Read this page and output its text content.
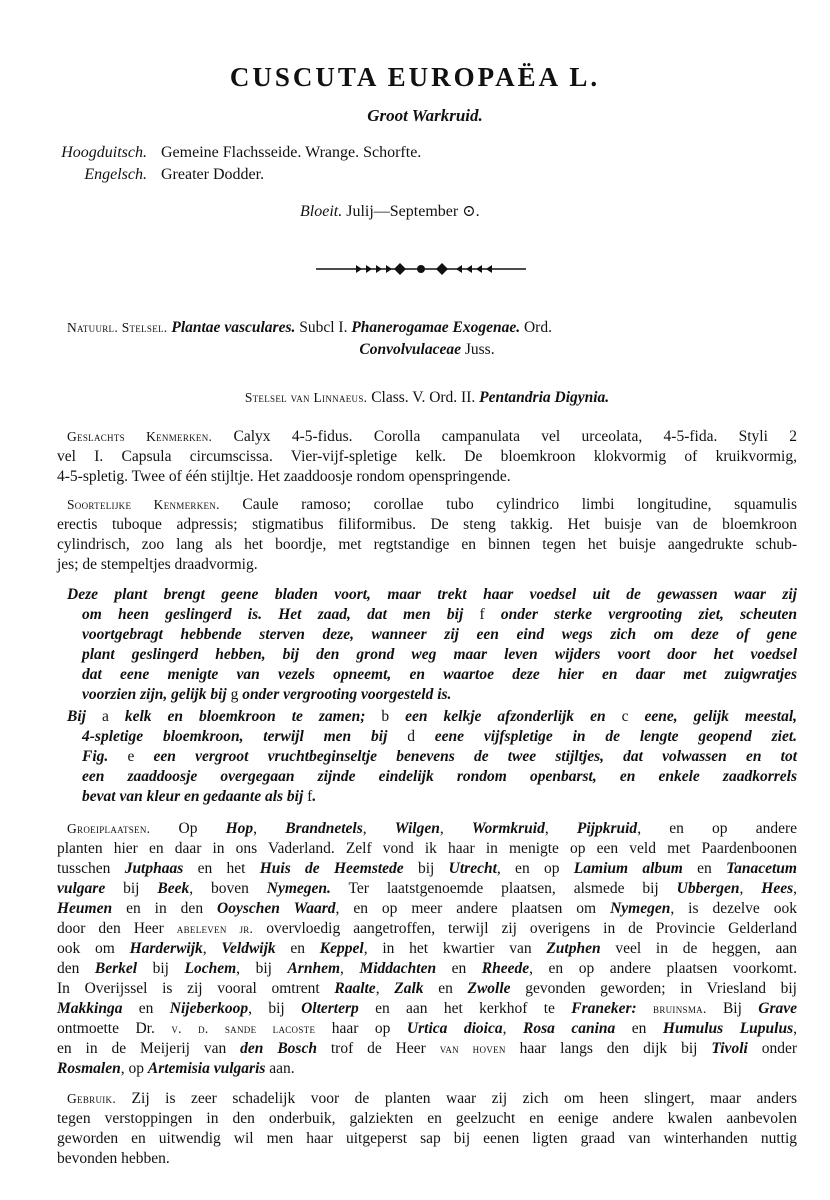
CUSCUTA EUROPAËA L.
Groot Warkruid.
Hoogduitsch. Gemeine Flachsseide. Wrange. Schorfte.
Engelsch. Greater Dodder.
Bloeit. Julij—September ⊙.
Natuurl. Stelsel. Plantae vasculares. Subcl I. Phanerogamae Exogenae. Ord.
Convolvulaceae Juss.
Stelsel van Linnaeus. Class. V. Ord. II. Pentandria Digynia.
Geslachts Kenmerken. Calyx 4-5-fidus. Corolla campanulata vel urceolata, 4-5-fida. Styli 2
vel I. Capsula circumscissa. Vier-vijf-spletige kelk. De bloemkroon klokvormig of kruikvormig,
4-5-spletig. Twee of één stijltje. Het zaaddoosje rondom openspringende.
Soortelijke Kenmerken. Caule ramoso; corollae tubo cylindrico limbi longitudine, squamulis
erectis tuboque adpressis; stigmatibus filiformibus. De steng takkig. Het buisje van de bloemkroon
cylindrisch, zoo lang als het boordje, met regtstandige en binnen tegen het buisje aangedrukte schub-
jes; de stempeltjes draadvormig.
Deze plant brengt geene bladen voort, maar trekt haar voedsel uit de gewassen waar zij
om heen geslingerd is. Het zaad, dat men bij f onder sterke vergrooting ziet, scheuten
voortgebragt hebbende sterven deze, wanneer zij een eind wegs zich om deze of gene
plant geslingerd hebben, bij den grond weg maar leven wijders voort door het voedsel
dat eene menigte van vezels opneemt, en waartoe deze hier en daar met zuigwratjes
voorzien zijn, gelijk bij g onder vergrooting voorgesteld is.
Bij a kelk en bloemkroon te zamen; b een kelkje afzonderlijk en c eene, gelijk meestal,
4-spletige bloemkroon, terwijl men bij d eene vijfspletige in de lengte geopend ziet.
Fig. e een vergroot vruchtbeginseltje benevens de twee stijltjes, dat volwassen en tot
een zaaddoosje overgegaan zijnde eindelijk rondom openbarst, en enkele zaadkorrels
bevat van kleur en gedaante als bij f.
Groeiplaatsen. Op Hop, Brandnetels, Wilgen, Wormkruid, Pijpkruid, en op andere
planten hier en daar in ons Vaderland. Zelf vond ik haar in menigte op een veld met Paardenboonen
tusschen Jutphaas en het Huis de Heemstede bij Utrecht, en op Lamium album en Tanacetum
vulgare bij Beek, boven Nymegen. Ter laatstgenoemde plaatsen, alsmede bij Ubbergen, Hees,
Heumen en in den Ooyschen Waard, en op meer andere plaatsen om Nymegen, is dezelve ook
door den Heer abeleven jr. overvloedig aangetroffen, terwijl zij overigens in de Provincie Gelderland
ook om Harderwijk, Veldwijk en Keppel, in het kwartier van Zutphen veel in de heggen, aan
den Berkel bij Lochem, bij Arnhem, Middachten en Rheede, en op andere plaatsen voorkomt.
In Overijssel is zij vooral omtrent Raalte, Zalk en Zwolle gevonden geworden; in Vriesland bij
Makkinga en Nijeberkoop, bij Olterterp en aan het kerkhof te Franeker: bruinsma. Bij Grave
ontmoette Dr. v. d. sande lacoste haar op Urtica dioica, Rosa canina en Humulus Lupulus,
en in de Meijerij van den Bosch trof de Heer van hoven haar langs den dijk bij Tivoli onder
Rosmalen, op Artemisia vulgaris aan.
Gebruik. Zij is zeer schadelijk voor de planten waar zij zich om heen slingert, maar anders
tegen verstoppingen in den onderbuik, galziekten en geelzucht en eenige andere kwalen aanbevolen
geworden en uitwendig wil men haar uitgeperst sap bij eenen ligten graad van winterhanden nuttig
bevonden hebben.
